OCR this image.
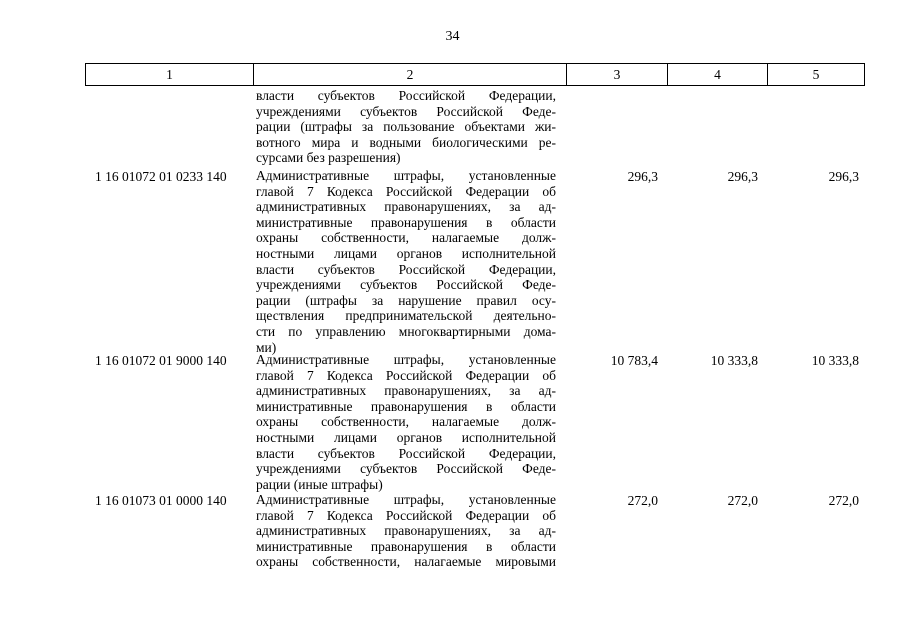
34
1	2	3	4	5
власти субъектов Российской Федерации,
учреждениями субъектов Российской Феде-
рации (штрафы за пользование объектами жи-
вотного мира и водными биологическими ре-
сурсами без разрешения)
1 16 01072 01 0233 140	Административные штрафы, установленные
главой 7 Кодекса Российской Федерации об
административных правонарушениях, за ад-
министративные правонарушения в области
охраны собственности, налагаемые долж-
ностными лицами органов исполнительной
власти субъектов Российской Федерации,
учреждениями субъектов Российской Феде-
рации (штрафы за нарушение правил осу-
ществления предпринимательской деятельно-
сти по управлению многоквартирными дома-
ми)
296,3	296,3	296,3
1 16 01072 01 9000 140	Административные штрафы, установленные
главой 7 Кодекса Российской Федерации об
административных правонарушениях, за ад-
министративные правонарушения в области
охраны собственности, налагаемые долж-
ностными лицами органов исполнительной
власти субъектов Российской Федерации,
учреждениями субъектов Российской Феде-
рации (иные штрафы)
10 783,4	10 333,8	10 333,8
1 16 01073 01 0000 140	Административные штрафы, установленные
главой 7 Кодекса Российской Федерации об
административных правонарушениях, за ад-
министративные правонарушения в области
охраны собственности, налагаемые мировыми
272,0	272,0	272,0
